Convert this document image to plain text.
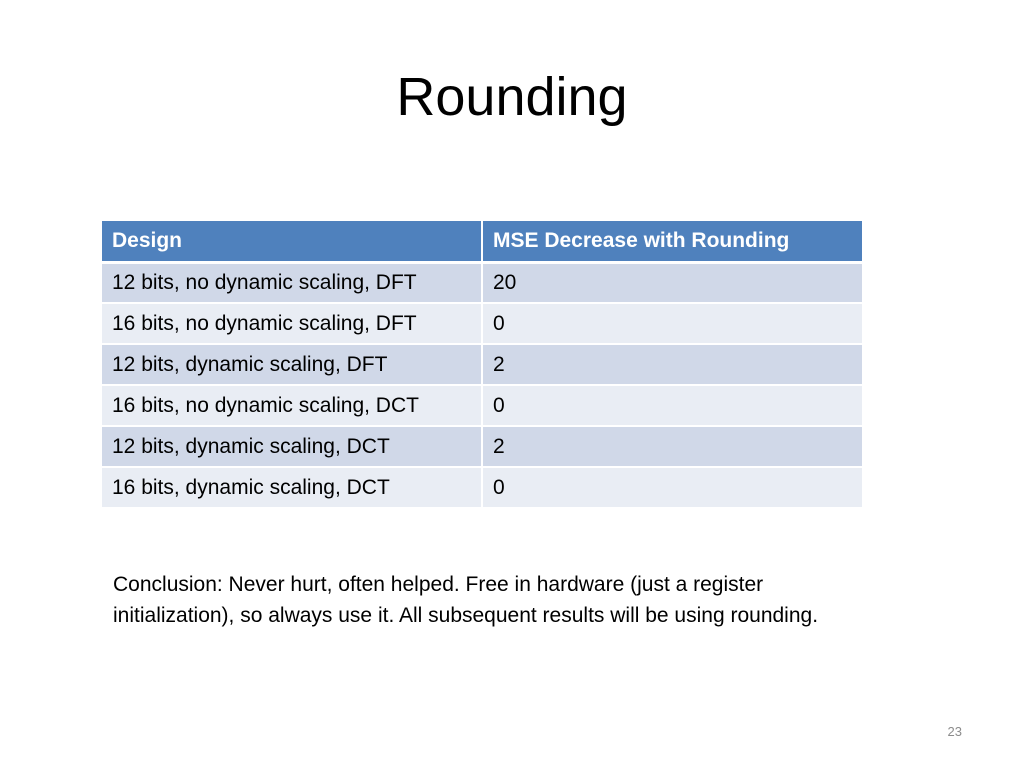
Rounding
Design	MSE Decrease with Rounding
12 bits, no dynamic scaling, DFT	20
16 bits, no dynamic scaling, DFT	0
12 bits, dynamic scaling, DFT	2
16 bits, no dynamic scaling, DCT	0
12 bits, dynamic scaling, DCT	2
16 bits, dynamic scaling, DCT	0
Conclusion: Never hurt, often helped. Free in hardware (just a register initialization), so always use it. All subsequent results will be using rounding.
23
